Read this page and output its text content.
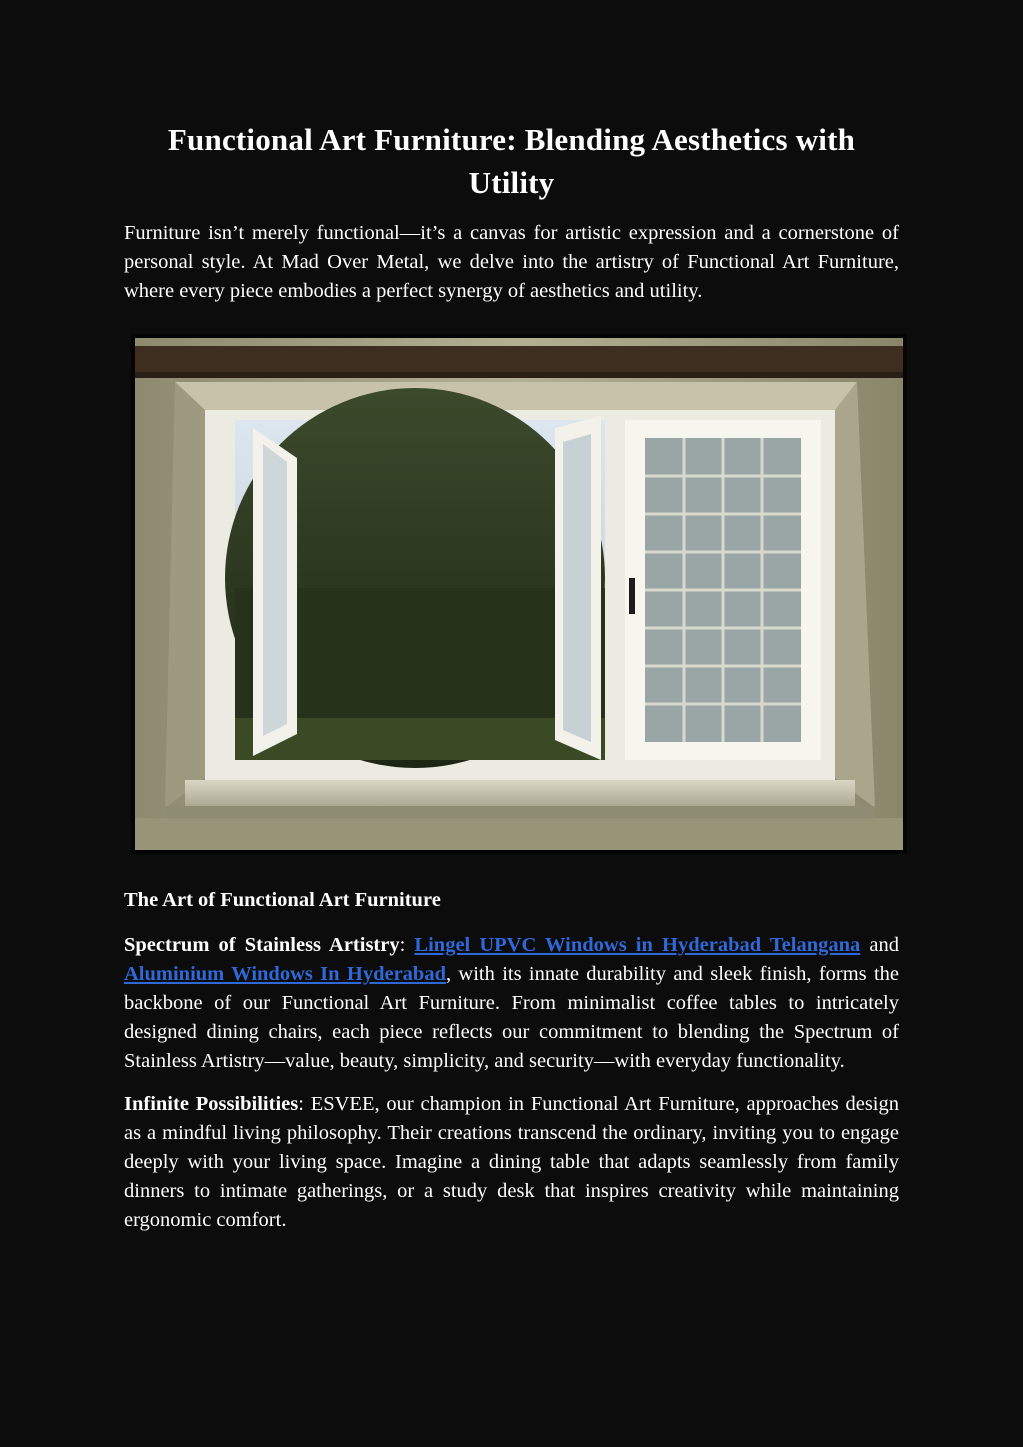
Functional Art Furniture: Blending Aesthetics with Utility

Furniture isn’t merely functional—it’s a canvas for artistic expression and a cornerstone of personal style. At Mad Over Metal, we delve into the artistry of Functional Art Furniture, where every piece embodies a perfect synergy of aesthetics and utility.

The Art of Functional Art Furniture

Spectrum of Stainless Artistry: Lingel UPVC Windows in Hyderabad Telangana and Aluminium Windows In Hyderabad, with its innate durability and sleek finish, forms the backbone of our Functional Art Furniture. From minimalist coffee tables to intricately designed dining chairs, each piece reflects our commitment to blending the Spectrum of Stainless Artistry—value, beauty, simplicity, and security—with everyday functionality.

Infinite Possibilities: ESVEE, our champion in Functional Art Furniture, approaches design as a mindful living philosophy. Their creations transcend the ordinary, inviting you to engage deeply with your living space. Imagine a dining table that adapts seamlessly from family dinners to intimate gatherings, or a study desk that inspires creativity while maintaining ergonomic comfort.
